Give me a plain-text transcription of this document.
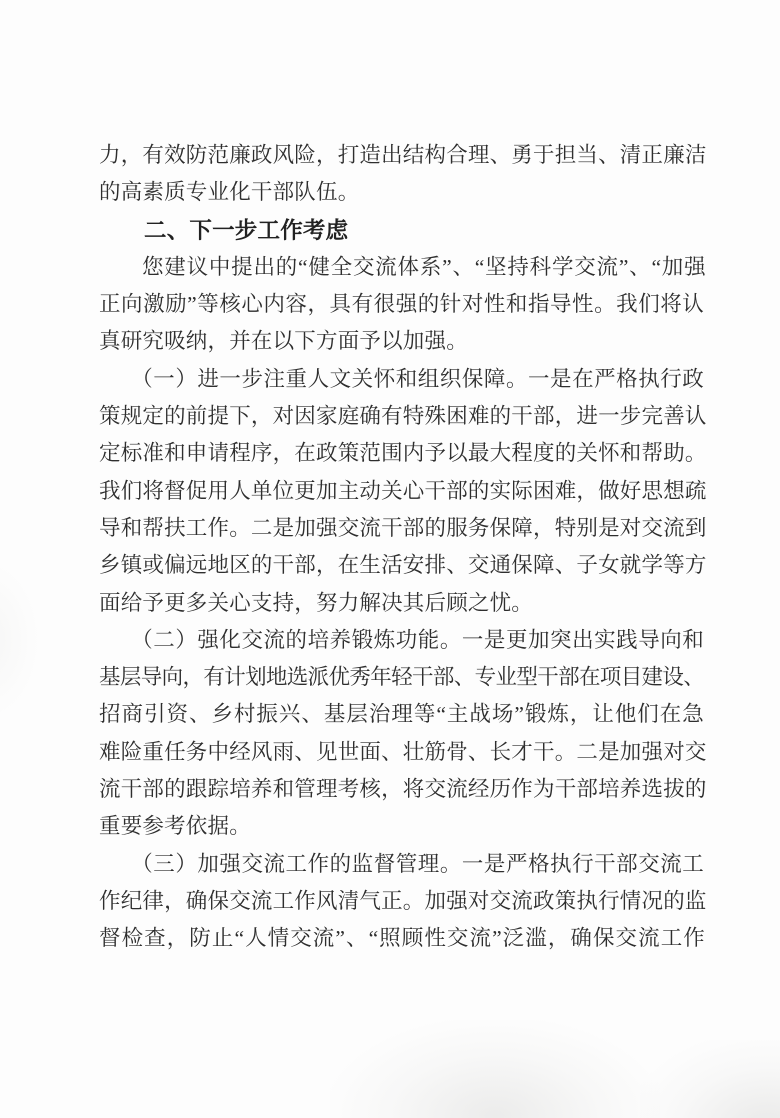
力，有效防范廉政风险，打造出结构合理、勇于担当、清正廉洁
的高素质专业化干部队伍。
二、下一步工作考虑
您建议中提出的“健全交流体系”、“坚持科学交流”、“加强
正向激励”等核心内容，具有很强的针对性和指导性。我们将认
真研究吸纳，并在以下方面予以加强。
（一）进一步注重人文关怀和组织保障。一是在严格执行政
策规定的前提下，对因家庭确有特殊困难的干部，进一步完善认
定标准和申请程序，在政策范围内予以最大程度的关怀和帮助。
我们将督促用人单位更加主动关心干部的实际困难，做好思想疏
导和帮扶工作。二是加强交流干部的服务保障，特别是对交流到
乡镇或偏远地区的干部，在生活安排、交通保障、子女就学等方
面给予更多关心支持，努力解决其后顾之忧。
（二）强化交流的培养锻炼功能。一是更加突出实践导向和
基层导向，有计划地选派优秀年轻干部、专业型干部在项目建设、
招商引资、乡村振兴、基层治理等“主战场”锻炼，让他们在急
难险重任务中经风雨、见世面、壮筋骨、长才干。二是加强对交
流干部的跟踪培养和管理考核，将交流经历作为干部培养选拔的
重要参考依据。
（三）加强交流工作的监督管理。一是严格执行干部交流工
作纪律，确保交流工作风清气正。加强对交流政策执行情况的监
督检查，防止“人情交流”、“照顾性交流”泛滥，确保交流工作
